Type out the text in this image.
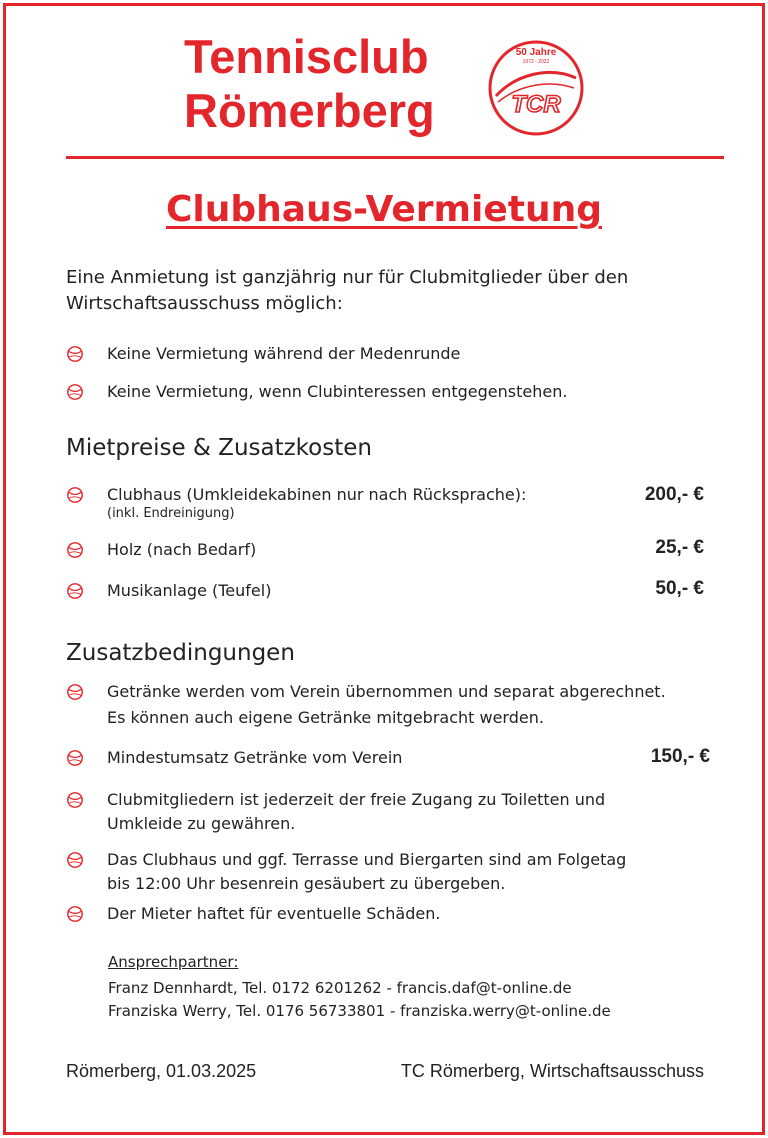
Tennisclub
Römerberg
50 Jahre
1972 - 2022
TCR
Clubhaus-Vermietung
Eine Anmietung ist ganzjährig nur für Clubmitglieder über den Wirtschaftsausschuss möglich:
Keine Vermietung während der Medenrunde
Keine Vermietung, wenn Clubinteressen entgegenstehen.
Mietpreise & Zusatzkosten
Clubhaus (Umkleidekabinen nur nach Rücksprache):
(inkl. Endreinigung)
200,- €
Holz (nach Bedarf)	25,- €
Musikanlage (Teufel)	50,- €
Zusatzbedingungen
Getränke werden vom Verein übernommen und separat abgerechnet.
Es können auch eigene Getränke mitgebracht werden.
Mindestumsatz Getränke vom Verein	150,- €
Clubmitgliedern ist jederzeit der freie Zugang zu Toiletten und
Umkleide zu gewähren.
Das Clubhaus und ggf. Terrasse und Biergarten sind am Folgetag
bis 12:00 Uhr besenrein gesäubert zu übergeben.
Der Mieter haftet für eventuelle Schäden.
Ansprechpartner:
Franz Dennhardt, Tel. 0172 6201262 - francis.daf@t-online.de
Franziska Werry, Tel. 0176 56733801 - franziska.werry@t-online.de
Römerberg, 01.03.2025	TC Römerberg, Wirtschaftsausschuss
